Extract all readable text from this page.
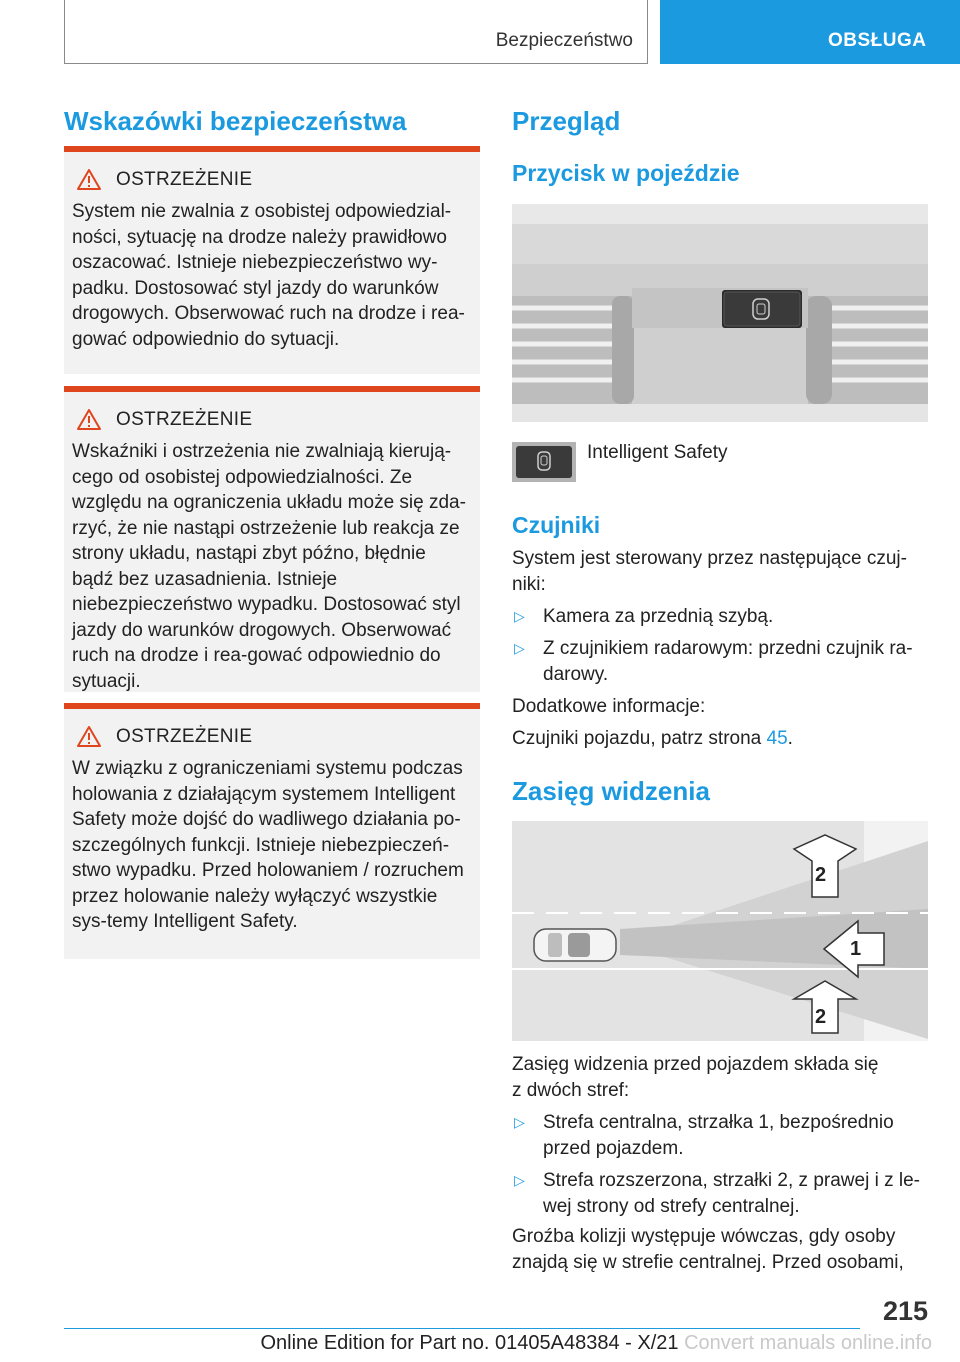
Bezpieczeństwo	OBSŁUGA
Wskazówki bezpieczeństwa
OSTRZEŻENIE
System nie zwalnia z osobistej odpowiedzial-ności, sytuację na drodze należy prawidłowo oszacować. Istnieje niebezpieczeństwo wy-padku. Dostosować styl jazdy do warunków drogowych. Obserwować ruch na drodze i rea-gować odpowiednio do sytuacji.
OSTRZEŻENIE
Wskaźniki i ostrzeżenia nie zwalniają kierują-cego od osobistej odpowiedzialności. Ze względu na ograniczenia układu może się zda-rzyć, że nie nastąpi ostrzeżenie lub reakcja ze strony układu, nastąpi zbyt późno, błędnie bądź bez uzasadnienia. Istnieje niebezpieczeństwo wypadku. Dostosować styl jazdy do warunków drogowych. Obserwować ruch na drodze i rea-gować odpowiednio do sytuacji.
OSTRZEŻENIE
W związku z ograniczeniami systemu podczas holowania z działającym systemem Intelligent Safety może dojść do wadliwego działania po-szczególnych funkcji. Istnieje niebezpieczeń-stwo wypadku. Przed holowaniem / rozruchem przez holowanie należy wyłączyć wszystkie sys-temy Intelligent Safety.
Przegląd
Przycisk w pojeździe
Intelligent Safety
Czujniki
System jest sterowany przez następujące czuj-niki:
▷ Kamera za przednią szybą.
▷ Z czujnikiem radarowym: przedni czujnik ra-darowy.
Dodatkowe informacje:
Czujniki pojazdu, patrz strona 45.
Zasięg widzenia
2
1
2
Zasięg widzenia przed pojazdem składa się z dwóch stref:
▷ Strefa centralna, strzałka 1, bezpośrednio przed pojazdem.
▷ Strefa rozszerzona, strzałki 2, z prawej i z le-wej strony od strefy centralnej.
Groźba kolizji występuje wówczas, gdy osoby znajdą się w strefie centralnej. Przed osobami,
215
Online Edition for Part no. 01405A48384 - X/21 Convert manuals online.info
